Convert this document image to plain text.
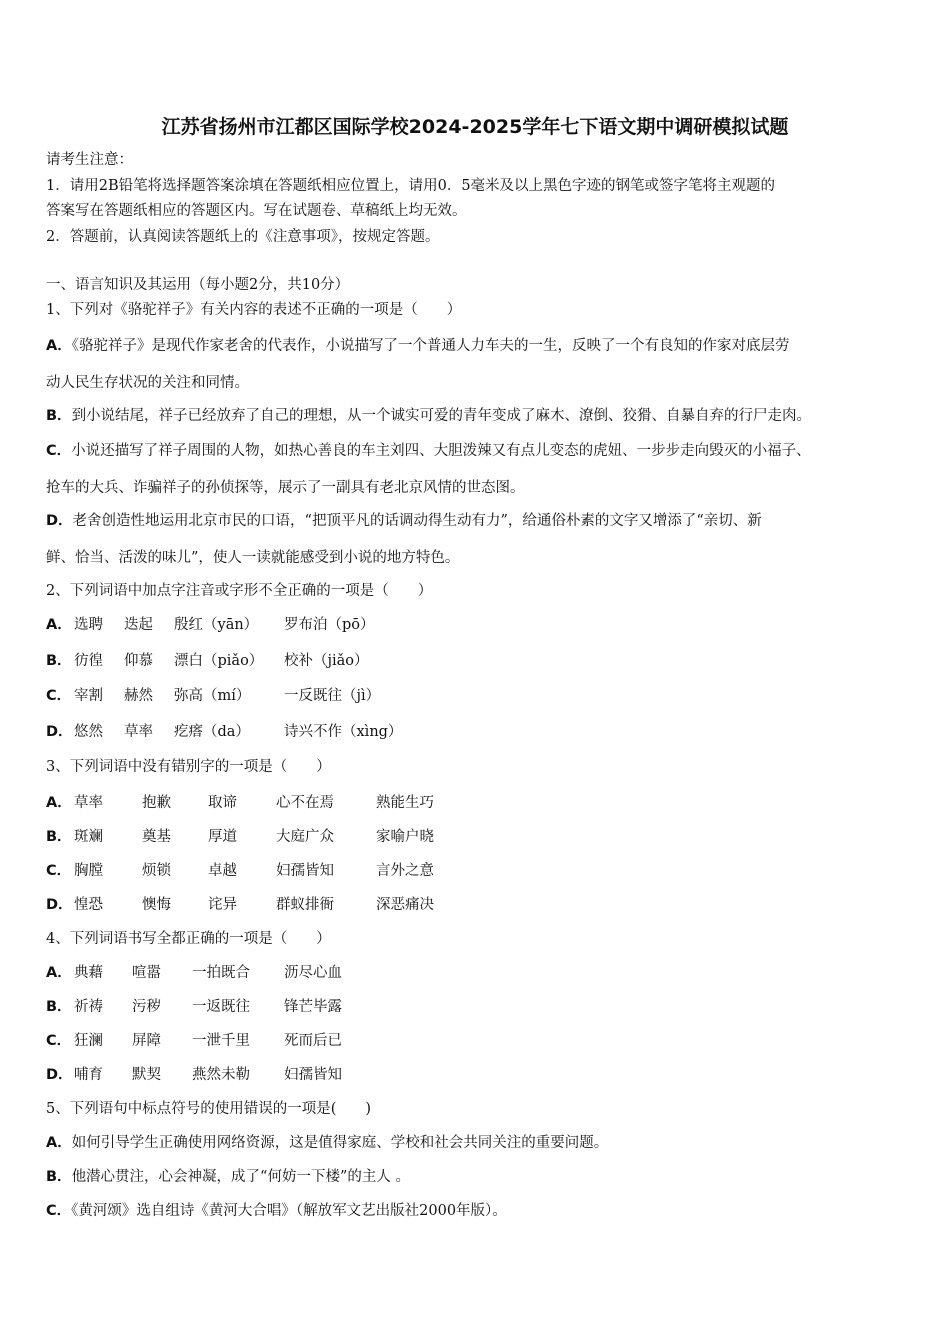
江苏省扬州市江都区国际学校2024-2025学年七下语文期中调研模拟试题
请考生注意：
1．请用2B铅笔将选择题答案涂填在答题纸相应位置上，请用0．5毫米及以上黑色字迹的钢笔或签字笔将主观题的
答案写在答题纸相应的答题区内。写在试题卷、草稿纸上均无效。
2．答题前，认真阅读答题纸上的《注意事项》，按规定答题。
一、语言知识及其运用（每小题2分，共10分）
1、下列对《骆驼祥子》有关内容的表述不正确的一项是（　　）
A．《骆驼祥子》是现代作家老舍的代表作，小说描写了一个普通人力车夫的一生，反映了一个有良知的作家对底层劳
动人民生存状况的关注和同情。
B．到小说结尾，祥子已经放弃了自己的理想，从一个诚实可爱的青年变成了麻木、潦倒、狡猾、自暴自弃的行尸走肉。
C．小说还描写了祥子周围的人物，如热心善良的车主刘四、大胆泼辣又有点儿变态的虎妞、一步步走向毁灭的小福子、
抢车的大兵、诈骗祥子的孙侦探等，展示了一副具有老北京风情的世态图。
D．老舍创造性地运用北京市民的口语，“把顶平凡的话调动得生动有力”，给通俗朴素的文字又增添了“亲切、新
鲜、恰当、活泼的味儿”，使人一读就能感受到小说的地方特色。
2、下列词语中加点字注音或字形不全正确的一项是（　　）
A． 选聘 迭起 殷红（yān） 罗布泊（pō）
B． 彷徨 仰慕 漂白（piǎo） 校补（jiǎo）
C． 宰割 赫然 弥高（mí） 一反既往（jì）
D． 悠然 草率 疙瘩（da） 诗兴不作（xìng）
3、下列词语中没有错别字的一项是（　　）
A． 草率	抱歉	取谛	心不在焉	熟能生巧
B． 斑斓	奠基	厚道	大庭广众	家喻户晓
C． 胸膛	烦锁	卓越	妇孺皆知	言外之意
D． 惶恐	懊悔	诧异	群蚁排衙	深恶痛决
4、下列词语书写全都正确的一项是（　　）
A． 典藉 喧嚣 一拍既合 沥尽心血
B． 祈祷 污秽 一返既往 锋芒毕露
C． 狂澜 屏障 一泄千里 死而后已
D． 哺育 默契 燕然未勒 妇孺皆知
5、下列语句中标点符号的使用错误的一项是(　　)
A．如何引导学生正确使用网络资源，这是值得家庭、学校和社会共同关注的重要问题。
B．他潜心贯注，心会神凝，成了“何妨一下楼”的主人 。
C．《黄河颂》选自组诗《黄河大合唱》（解放军文艺出版社2000年版）。
